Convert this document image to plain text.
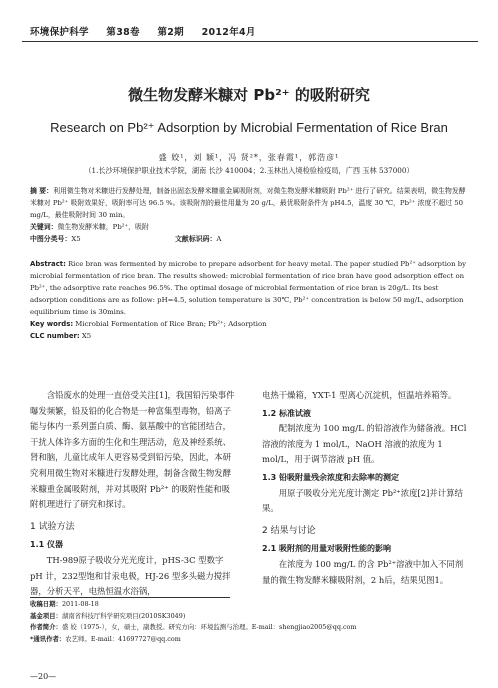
环境保护科学 第38卷 第2期 2012年4月
微生物发酵米糠对 Pb²⁺ 的吸附研究
Research on Pb²⁺ Adsorption by Microbial Fermentation of Rice Bran
盛 姣¹，刘 颖¹，冯 贤²*，张春霞¹，郭浩彦¹
（1.长沙环境保护职业技术学院，湖南 长沙 410004；2.玉林出入境检验检疫局，广西 玉林 537000）
摘 要：利用微生物对米糠进行发酵处理，制备出固态发酵米糠重金属吸附剂，对微生物发酵米糠吸附 Pb²⁺ 进行了研究。结果表明，微生物发酵米糠对 Pb²⁺ 吸附效果好，吸附率可达 96.5 %。该吸附剂的最佳用量为 20 g/L，最优吸附条件为 pH4.5，温度 30 ℃，Pb²⁺ 浓度不超过 50 mg/L，最佳吸附时间 30 min。
关键词：微生物发酵米糠，Pb²⁺，吸附
中图分类号：X5	文献标识码：A
Abstract: Rice bran was fermented by microbe to prepare adsorbent for heavy metal. The paper studied Pb²⁺ adsorption by microbial fermentation of rice bran. The results showed: microbial fermentation of rice bran have good adsorption effect on Pb²⁺, the adsorptive rate reaches 96.5%. The optimal dosage of microbial fermentation of rice bran is 20g/L. Its best adsorption conditions are as follow: pH=4.5, solution temperature is 30℃, Pb²⁺ concentration is below 50 mg/L, adsorption equilibrium time is 30mins.
Key words: Microbial Fermentation of Rice Bran; Pb²⁺; Adsorption
CLC number: X5

含铅废水的处理一直倍受关注[1]，我国铅污染事件曝发频繁，铅及铅的化合物是一种富集型毒物，铅离子能与体内一系列蛋白质、酶、氨基酸中的官能团结合，干扰人体许多方面的生化和生理活动，危及神经系统、肾和脑，儿童比成年人更容易受到铅污染，因此，本研究利用微生物对米糠进行发酵处理，制备含微生物发酵米糠重金属吸附剂，并对其吸附 Pb²⁺ 的吸附性能和吸附机理进行了研究和探讨。

1 试验方法
1.1 仪器

TH-989原子吸收分光光度计，pHS-3C 型数字 pH 计，232型饱和甘汞电极，HJ-26 型多头磁力搅拌器，分析天平，电热恒温水浴锅，

电热干燥箱，YXT-1 型离心沉淀机，恒温培养箱等。

1.2 标准试液

配制浓度为 100 mg/L 的铅溶液作为储备液。HCl 溶液的浓度为 1 mol/L，NaOH 溶液的浓度为 1 mol/L，用于调节溶液 pH 值。

1.3 铅吸附量残余浓度和去除率的测定

用原子吸收分光光度计测定 Pb²⁺浓度[2]并计算结果。

2 结果与讨论
2.1 吸附剂的用量对吸附性能的影响

在浓度为 100 mg/L 的含 Pb²⁺溶液中加入不同剂量的微生物发酵米糠吸附剂，2 h后，结果见图1。

收稿日期：2011-08-18
基金项目：湖南省科技厅科学研究项目(2010SK3049)
作者简介：盛 姣（1975-），女，硕士，副教授。研究方向：环境监测与治理。E-mail：shengjiao2005@qq.com
*通讯作者：农艺师。E-mail：41697727@qq.com
—20—
